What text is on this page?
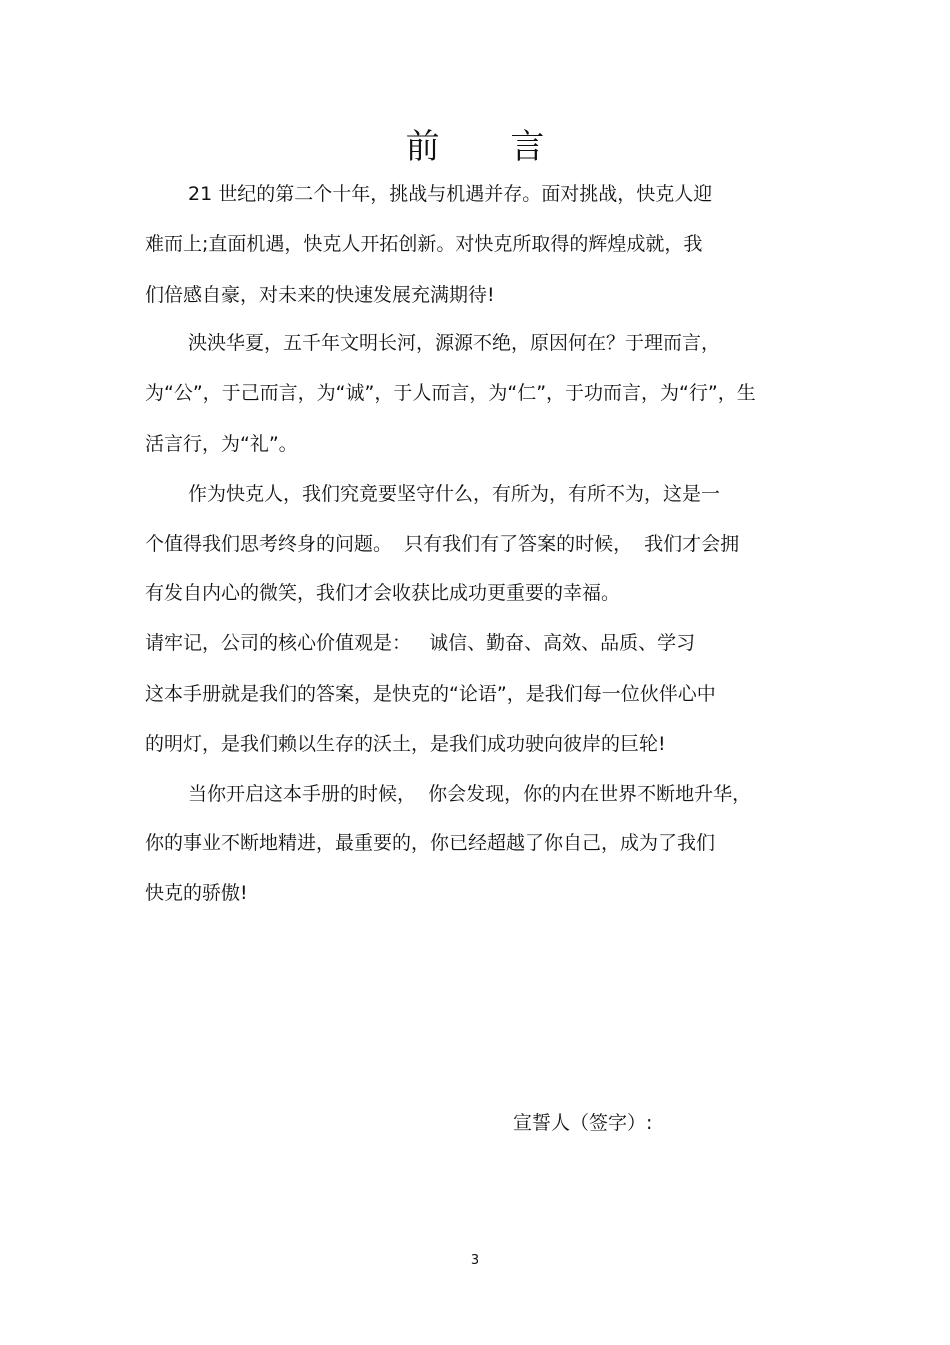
前 言
21 世纪的第二个十年，挑战与机遇并存。面对挑战，快克人迎
难而上;直面机遇，快克人开拓创新。对快克所取得的辉煌成就，我
们倍感自豪，对未来的快速发展充满期待!
泱泱华夏，五千年文明长河，源源不绝，原因何在？于理而言，
为“公”，于己而言，为“诚”，于人而言，为“仁”，于功而言，为“行”，生
活言行，为“礼”。
作为快克人，我们究竟要坚守什么，有所为，有所不为，这是一
个值得我们思考终身的问题。  只有我们有了答案的时候，  我们才会拥
有发自内心的微笑，我们才会收获比成功更重要的幸福。
请牢记，公司的核心价值观是：   诚信、勤奋、高效、品质、学习
这本手册就是我们的答案，是快克的“论语”，是我们每一位伙伴心中
的明灯，是我们赖以生存的沃土，是我们成功驶向彼岸的巨轮!
当你开启这本手册的时候，  你会发现，你的内在世界不断地升华，
你的事业不断地精进，最重要的，你已经超越了你自己，成为了我们
快克的骄傲!
宣誓人（签字）:
3
